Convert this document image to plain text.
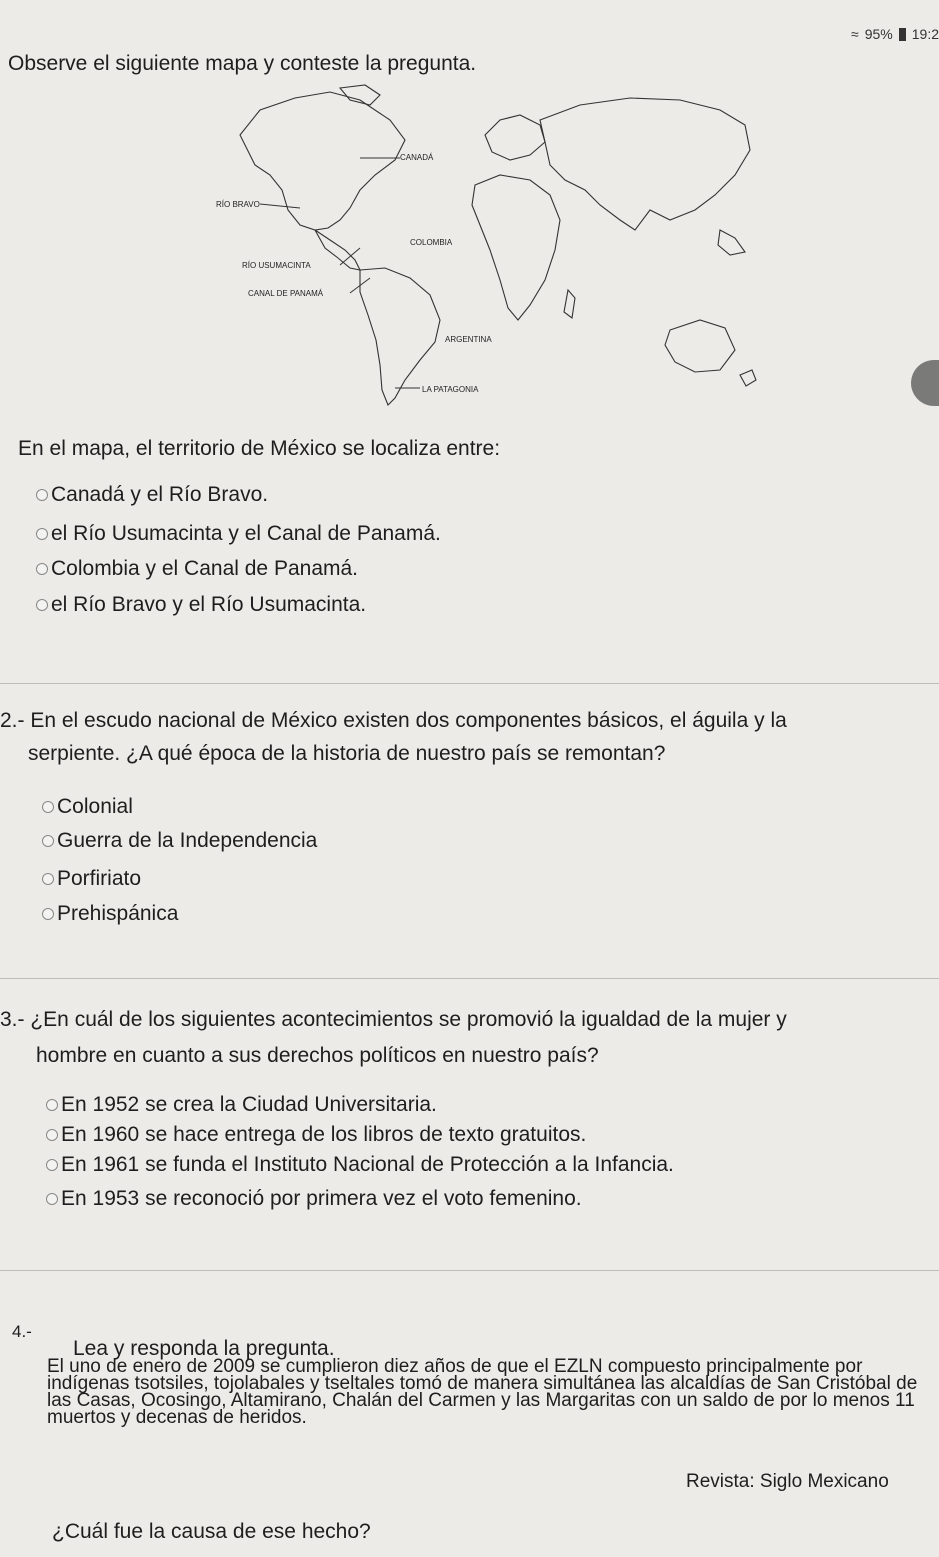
≈ 95% 19:2
Observe el siguiente mapa y conteste la pregunta.
CANADÁ
RÍO BRAVO
COLOMBIA
RÍO USUMACINTA
CANAL DE PANAMÁ
ARGENTINA
LA PATAGONIA
En el mapa, el territorio de México se localiza entre:
Canadá y el Río Bravo.
el Río Usumacinta y el Canal de Panamá.
Colombia y el Canal de Panamá.
el Río Bravo y el Río Usumacinta.
2.- En el escudo nacional de México existen dos componentes básicos, el águila y la
serpiente. ¿A qué época de la historia de nuestro país se remontan?
Colonial
Guerra de la Independencia
Porfiriato
Prehispánica
3.- ¿En cuál de los siguientes acontecimientos se promovió la igualdad de la mujer y
hombre en cuanto a sus derechos políticos en nuestro país?
En 1952 se crea la Ciudad Universitaria.
En 1960 se hace entrega de los libros de texto gratuitos.
En 1961 se funda el Instituto Nacional de Protección a la Infancia.
En 1953 se reconoció por primera vez el voto femenino.
4.-
Lea y responda la pregunta.
El uno de enero de 2009 se cumplieron diez años de que el EZLN compuesto principalmente por indígenas tsotsiles, tojolabales y tseltales tomó de manera simultánea las alcaldías de San Cristóbal de las Casas, Ocosingo, Altamirano, Chalán del Carmen y las Margaritas con un saldo de por lo menos 11 muertos y decenas de heridos.
Revista: Siglo Mexicano
¿Cuál fue la causa de ese hecho?
